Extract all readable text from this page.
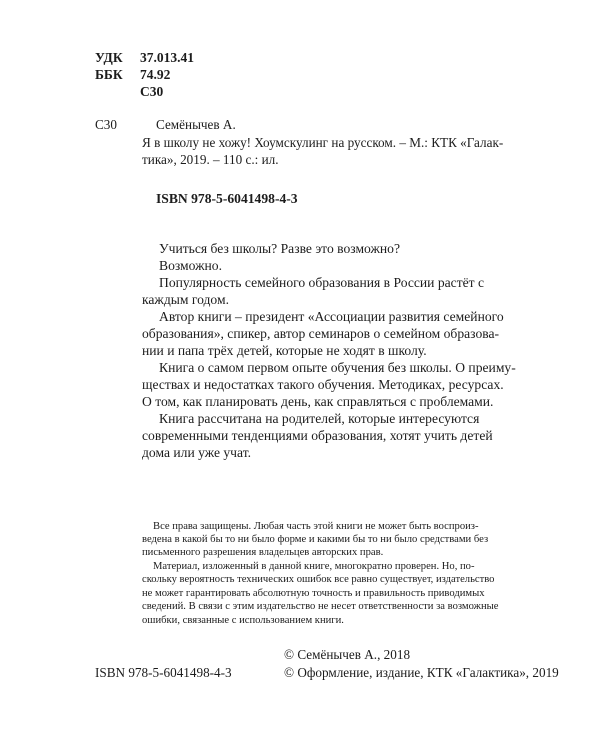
УДК 37.013.41
ББК 74.92
С30
С30	Семёнычев А.
Я в школу не хожу! Хоумскулинг на русском. – М.: КТК «Галак-
тика», 2019. – 110 с.: ил.
ISBN 978-5-6041498-4-3
Учиться без школы? Разве это возможно?
Возможно.
Популярность семейного образования в России растёт с
каждым годом.
Автор книги – президент «Ассоциации развития семейного
образования», спикер, автор семинаров о семейном образова-
нии и папа трёх детей, которые не ходят в школу.
Книга о самом первом опыте обучения без школы. О преиму-
ществах и недостатках такого обучения. Методиках, ресурсах.
О том, как планировать день, как справляться с проблемами.
Книга рассчитана на родителей, которые интересуются
современными тенденциями образования, хотят учить детей
дома или уже учат.
Все права защищены. Любая часть этой книги не может быть воспроиз-
ведена в какой бы то ни было форме и какими бы то ни было средствами без
письменного разрешения владельцев авторских прав.
Материал, изложенный в данной книге, многократно проверен. Но, по-
скольку вероятность технических ошибок все равно существует, издательство
не может гарантировать абсолютную точность и правильность приводимых
сведений. В связи с этим издательство не несет ответственности за возможные
ошибки, связанные с использованием книги.
© Семёнычев А., 2018
ISBN 978-5-6041498-4-3	© Оформление, издание, КТК «Галактика», 2019
